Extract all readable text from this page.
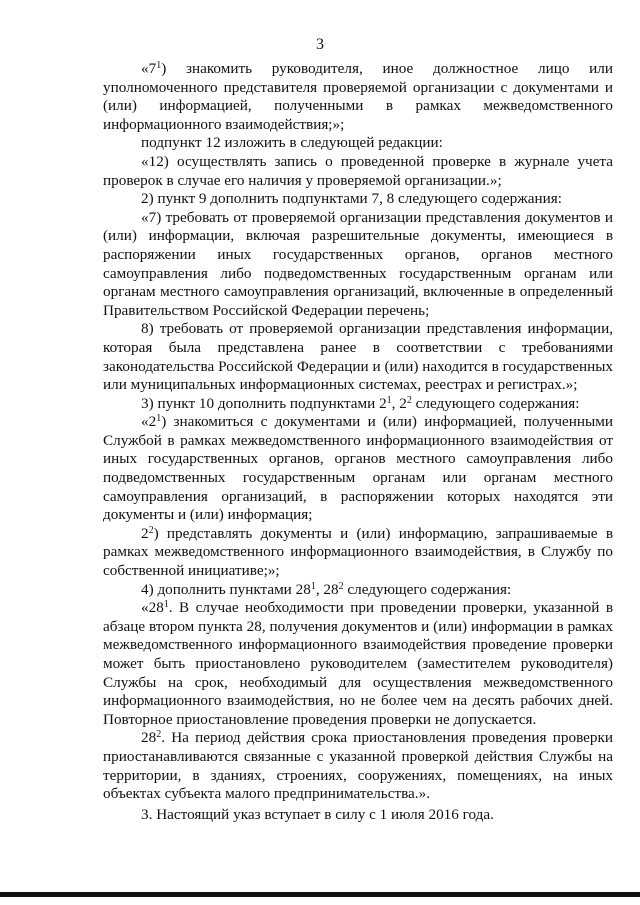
3

«$7^1$) знакомить руководителя, иное должностное лицо или уполномоченного представителя проверяемой организации с документами и (или) информацией, полученными в рамках межведомственного информационного взаимодействия;»;

подпункт 12 изложить в следующей редакции:

«12) осуществлять запись о проведенной проверке в журнале учета проверок в случае его наличия у проверяемой организации.»;

2) пункт 9 дополнить подпунктами 7, 8 следующего содержания:

«7) требовать от проверяемой организации представления документов и (или) информации, включая разрешительные документы, имеющиеся в распоряжении иных государственных органов, органов местного самоуправления либо подведомственных государственным органам или органам местного самоуправления организаций, включенные в определенный Правительством Российской Федерации перечень;

8) требовать от проверяемой организации представления информации, которая была представлена ранее в соответствии с требованиями законодательства Российской Федерации и (или) находится в государственных или муниципальных информационных системах, реестрах и регистрах.»;

3) пункт 10 дополнить подпунктами $2^1$, $2^2$ следующего содержания:

«$2^1$) знакомиться с документами и (или) информацией, полученными Службой в рамках межведомственного информационного взаимодействия от иных государственных органов, органов местного самоуправления либо подведомственных государственным органам или органам местного самоуправления организаций, в распоряжении которых находятся эти документы и (или) информация;

$2^2$) представлять документы и (или) информацию, запрашиваемые в рамках межведомственного информационного взаимодействия, в Службу по собственной инициативе;»;

4) дополнить пунктами $28^1$, $28^2$ следующего содержания:

«$28^1$. В случае необходимости при проведении проверки, указанной в абзаце втором пункта 28, получения документов и (или) информации в рамках межведомственного информационного взаимодействия проведение проверки может быть приостановлено руководителем (заместителем руководителя) Службы на срок, необходимый для осуществления межведомственного информационного взаимодействия, но не более чем на десять рабочих дней. Повторное приостановление проведения проверки не допускается.

$28^2$. На период действия срока приостановления проведения проверки приостанавливаются связанные с указанной проверкой действия Службы на территории, в зданиях, строениях, сооружениях, помещениях, на иных объектах субъекта малого предпринимательства.».

3. Настоящий указ вступает в силу с 1 июля 2016 года.
